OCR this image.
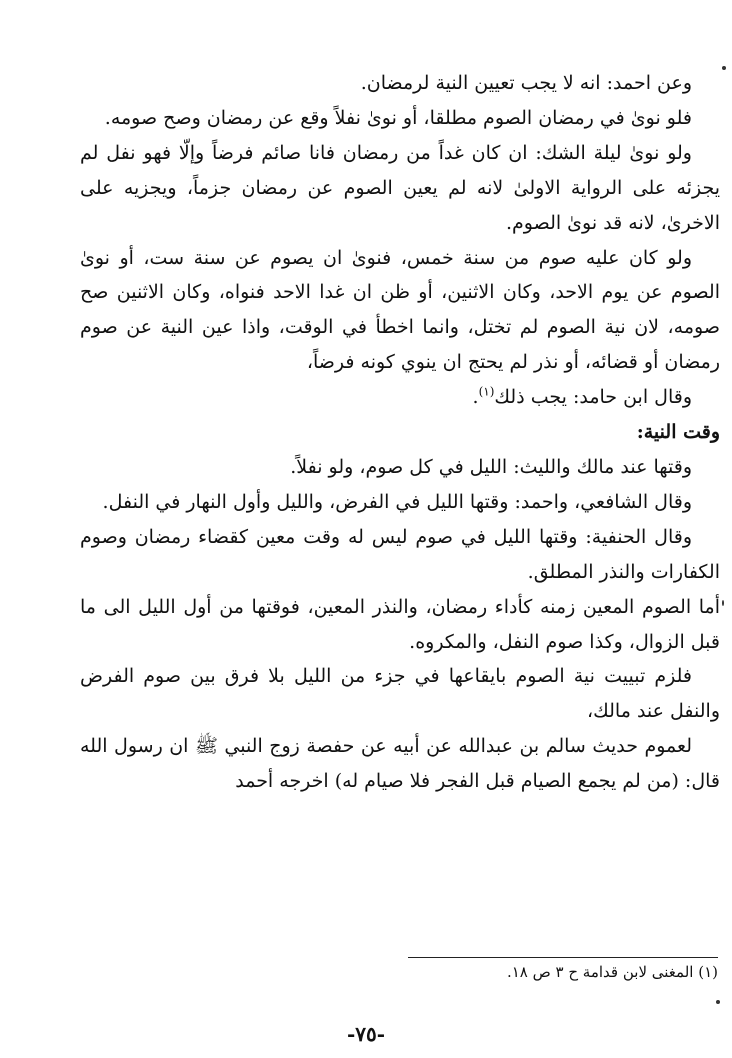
وعن احمد: انه لا يجب تعيين النية لرمضان.

فلو نوىٰ في رمضان الصوم مطلقا، أو نوىٰ نفلاً وقع عن رمضان وصح صومه.

ولو نوىٰ ليلة الشك: ان كان غداً من رمضان فانا صائم فرضاً وإلّا فهو نفل لم يجزئه على الرواية الاولىٰ لانه لم يعين الصوم عن رمضان جزماً، ويجزيه على الاخرىٰ، لانه قد نوىٰ الصوم.

ولو كان عليه صوم من سنة خمس، فنوىٰ ان يصوم عن سنة ست، أو نوىٰ الصوم عن يوم الاحد، وكان الاثنين، أو ظن ان غدا الاحد فنواه، وكان الاثنين صح صومه، لان نية الصوم لم تختل، وانما اخطأ في الوقت، واذا عين النية عن صوم رمضان أو قضائه، أو نذر لم يحتج ان ينوي كونه فرضاً،

وقال ابن حامد: يجب ذلك$^{(١)}$.

وقت النية:

وقتها عند مالك والليث: الليل في كل صوم، ولو نفلاً.

وقال الشافعي، واحمد: وقتها الليل في الفرض، والليل وأول النهار في النفل.

وقال الحنفية: وقتها الليل في صوم ليس له وقت معين كقضاء رمضان وصوم الكفارات والنذر المطلق.

أما الصوم المعين زمنه كأداء رمضان، والنذر المعين، فوقتها من أول الليل الى ما قبل الزوال، وكذا صوم النفل، والمكروه.

فلزم تبييت نية الصوم بايقاعها في جزء من الليل بلا فرق بين صوم الفرض والنفل عند مالك،

لعموم حديث سالم بن عبدالله عن أبيه عن حفصة زوج النبي ﷺ ان رسول الله قال: (من لم يجمع الصيام قبل الفجر فلا صيام له) اخرجه أحمد

(١) المغنى لابن قدامة ح ٣ ص ١٨.
-٧٥-
